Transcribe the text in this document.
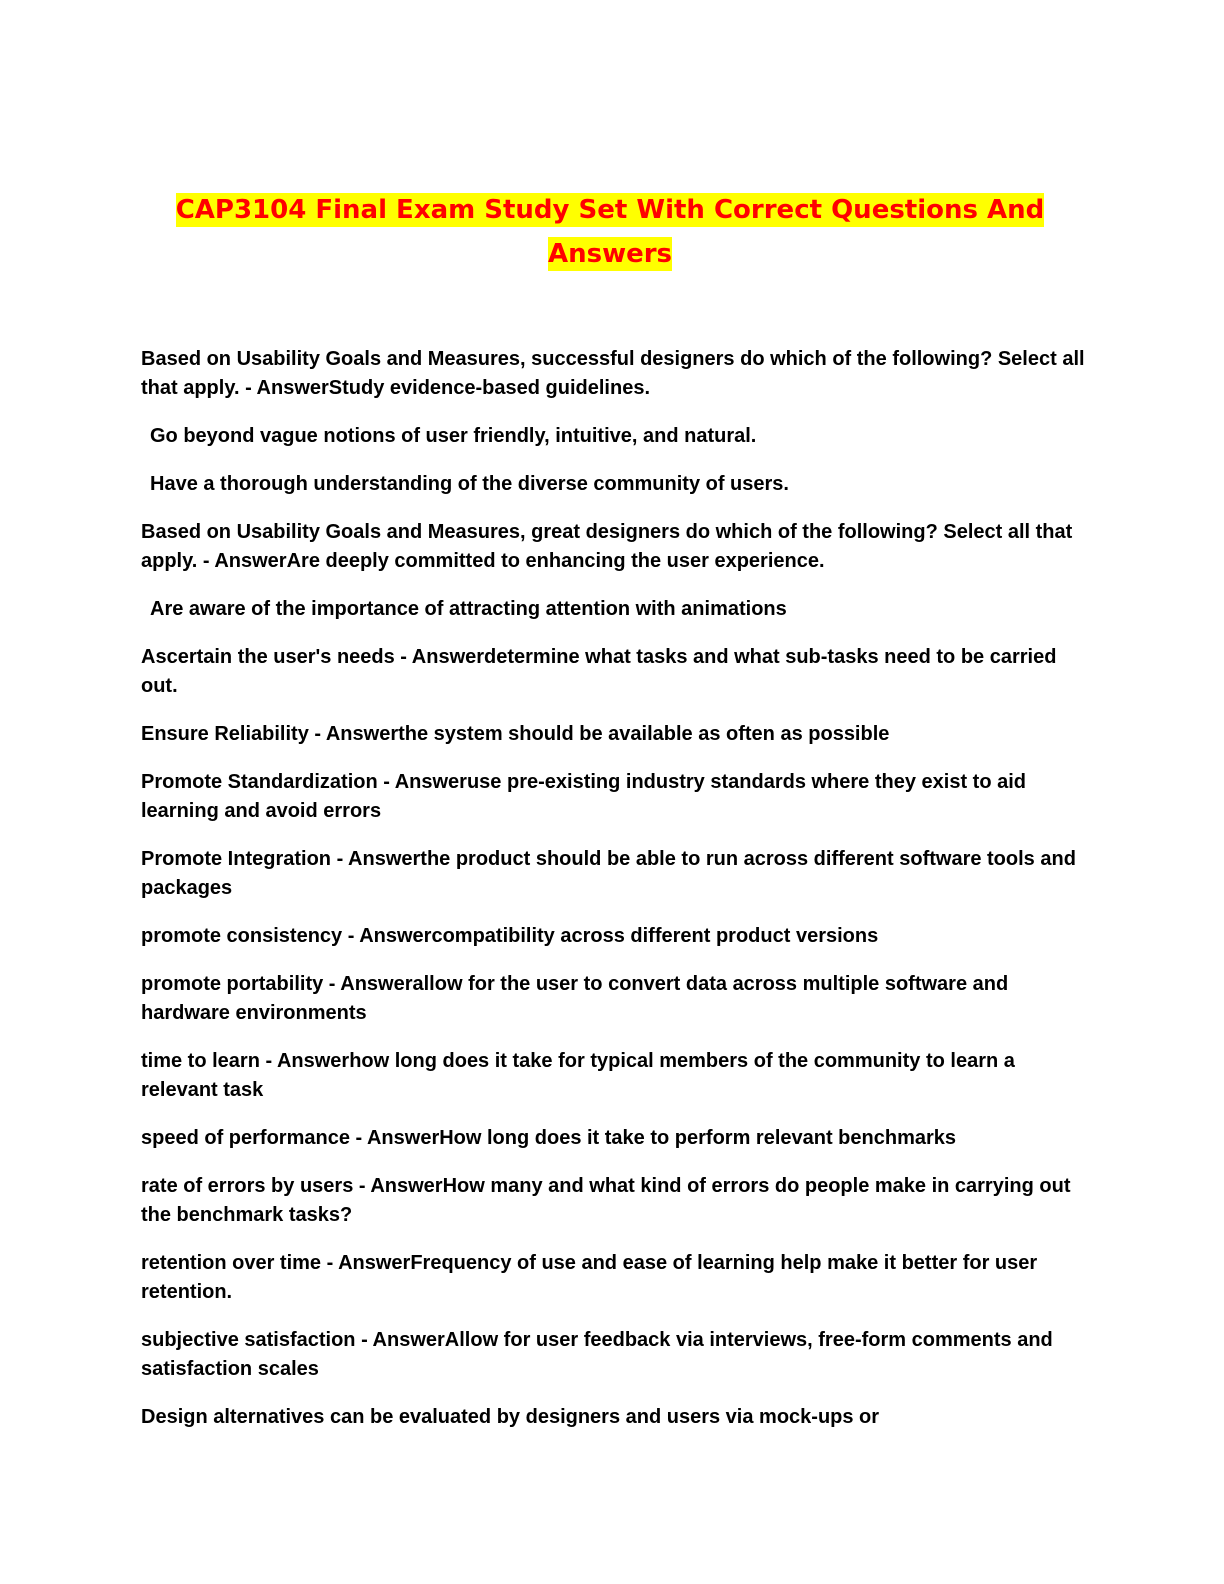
CAP3104 Final Exam Study Set With Correct Questions And
Answers
Based on Usability Goals and Measures, successful designers do which of the following? Select all that apply. - AnswerStudy evidence-based guidelines.
Go beyond vague notions of user friendly, intuitive, and natural.
Have a thorough understanding of the diverse community of users.
Based on Usability Goals and Measures, great designers do which of the following? Select all that apply. - AnswerAre deeply committed to enhancing the user experience.
Are aware of the importance of attracting attention with animations
Ascertain the user's needs - Answerdetermine what tasks and what sub-tasks need to be carried out.
Ensure Reliability - Answerthe system should be available as often as possible
Promote Standardization - Answeruse pre-existing industry standards where they exist to aid learning and avoid errors
Promote Integration - Answerthe product should be able to run across different software tools and packages
promote consistency - Answercompatibility across different product versions
promote portability - Answerallow for the user to convert data across multiple software and hardware environments
time to learn - Answerhow long does it take for typical members of the community to learn a relevant task
speed of performance - AnswerHow long does it take to perform relevant benchmarks
rate of errors by users - AnswerHow many and what kind of errors do people make in carrying out the benchmark tasks?
retention over time - AnswerFrequency of use and ease of learning help make it better for user retention.
subjective satisfaction - AnswerAllow for user feedback via interviews, free-form comments and satisfaction scales
Design alternatives can be evaluated by designers and users via mock-ups or
